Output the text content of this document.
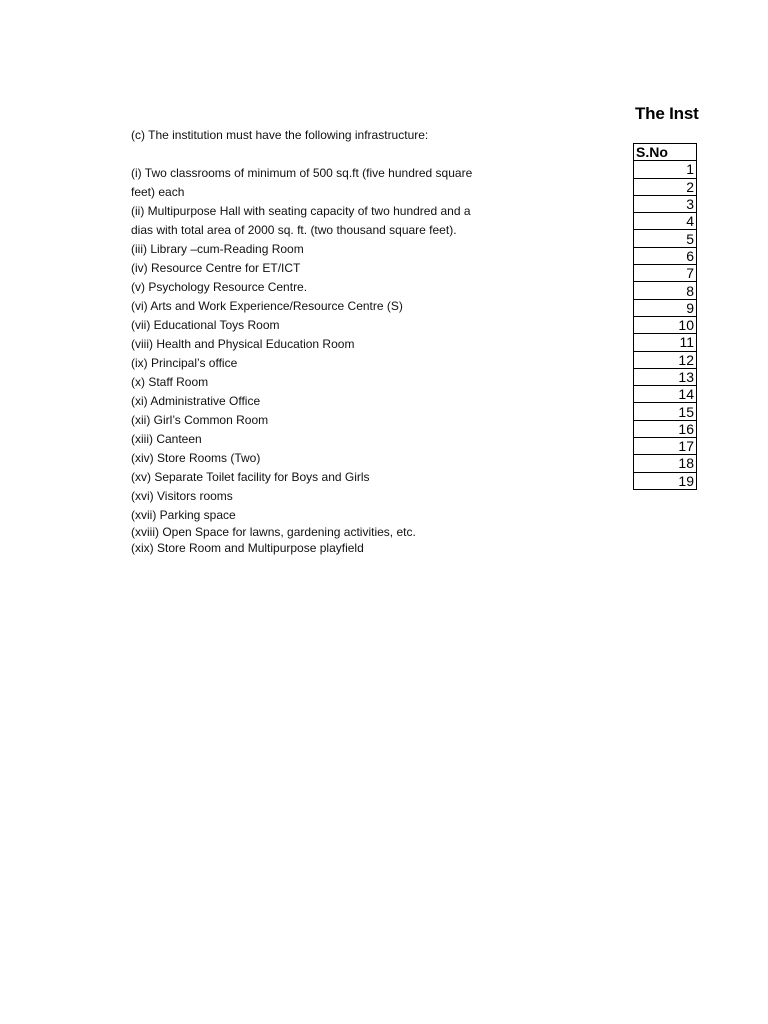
(c) The institution must have the following infrastructure:
(i) Two classrooms of minimum of 500 sq.ft (five hundred square
feet) each
(ii) Multipurpose Hall with seating capacity of two hundred and a
dias with total area of 2000 sq. ft. (two thousand square feet).
(iii) Library –cum-Reading Room
(iv) Resource Centre for ET/ICT
(v) Psychology Resource Centre.
(vi) Arts and Work Experience/Resource Centre (S)
(vii) Educational Toys Room
(viii) Health and Physical Education Room
(ix) Principal’s office
(x) Staff Room
(xi) Administrative Office
(xii) Girl’s Common Room
(xiii) Canteen
(xiv) Store Rooms (Two)
(xv) Separate Toilet facility for Boys and Girls
(xvi) Visitors rooms
(xvii) Parking space
(xviii) Open Space for lawns, gardening activities, etc.
(xix) Store Room and Multipurpose playfield
The Inst
S.No
1
2
3
4
5
6
7
8
9
10
11
12
13
14
15
16
17
18
19
